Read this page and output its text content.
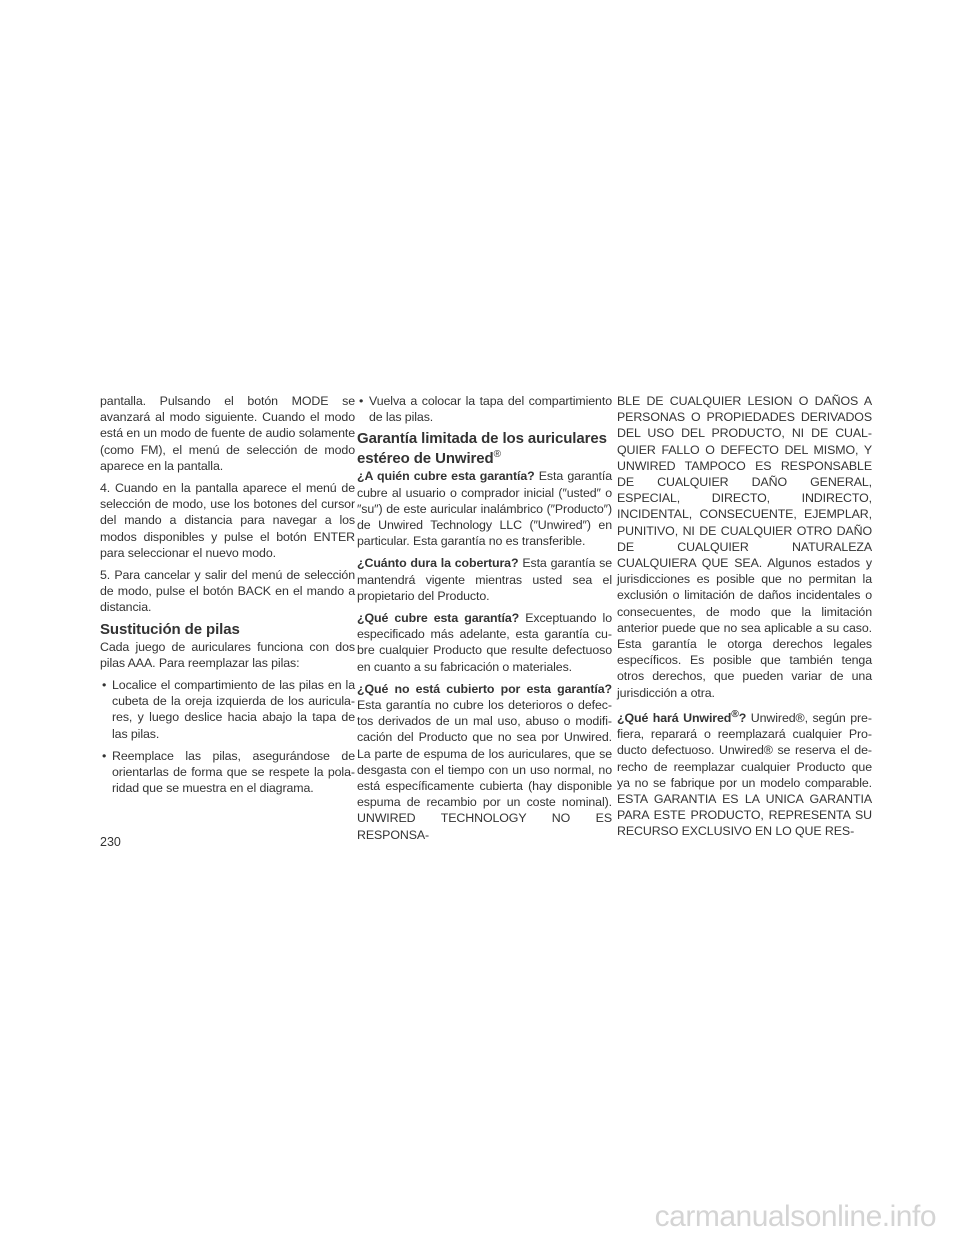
pantalla. Pulsando el botón MODE se avanzará al modo siguiente. Cuando el modo está en un modo de fuente de audio solamente (como FM), el menú de selección de modo aparece en la pantalla.

4. Cuando en la pantalla aparece el menú de selección de modo, use los botones del cursor del mando a distancia para navegar a los modos disponibles y pulse el botón ENTER para seleccionar el nuevo modo.

5. Para cancelar y salir del menú de selección de modo, pulse el botón BACK en el mando a distancia.

Sustitución de pilas

Cada juego de auriculares funciona con dos pilas AAA. Para reemplazar las pilas:

• Localice el compartimiento de las pilas en la cubeta de la oreja izquierda de los auriculares, y luego deslice hacia abajo la tapa de las pilas.
• Reemplace las pilas, asegurándose de orientarlas de forma que se respete la polaridad que se muestra en el diagrama.
• Vuelva a colocar la tapa del compartimiento de las pilas.
Garantía limitada de los auriculares
estéreo de Unwired®

¿A quién cubre esta garantía? Esta garantía cubre al usuario o comprador inicial (″usted″ o ″su″) de este auricular inalámbrico (″Producto″) de Unwired Technology LLC (″Unwired″) en particular. Esta garantía no es transferible.

¿Cuánto dura la cobertura? Esta garantía se mantendrá vigente mientras usted sea el propietario del Producto.

¿Qué cubre esta garantía? Exceptuando lo especificado más adelante, esta garantía cubre cualquier Producto que resulte defectuoso en cuanto a su fabricación o materiales.

¿Qué no está cubierto por esta garantía? Esta garantía no cubre los deterioros o defectos derivados de un mal uso, abuso o modificación del Producto que no sea por Unwired. La parte de espuma de los auriculares, que se desgasta con el tiempo con un uso normal, no está específicamente cubierta (hay disponible espuma de recambio por un coste nominal). UNWIRED TECHNOLOGY NO ES RESPONSA-

BLE DE CUALQUIER LESION O DAÑOS A PERSONAS O PROPIEDADES DERIVADOS DEL USO DEL PRODUCTO, NI DE CUALQUIER FALLO O DEFECTO DEL MISMO, Y UNWIRED TAMPOCO ES RESPONSABLE DE CUALQUIER DAÑO GENERAL, ESPECIAL, DIRECTO, INDIRECTO, INCIDENTAL, CONSECUENTE, EJEMPLAR, PUNITIVO, NI DE CUALQUIER OTRO DAÑO DE CUALQUIER NATURALEZA CUALQUIERA QUE SEA. Algunos estados y jurisdicciones es posible que no permitan la exclusión o limitación de daños incidentales o consecuentes, de modo que la limitación anterior puede que no sea aplicable a su caso. Esta garantía le otorga derechos legales específicos. Es posible que también tenga otros derechos, que pueden variar de una jurisdicción a otra.

¿Qué hará Unwired®? Unwired®, según prefiera, reparará o reemplazará cualquier Producto defectuoso. Unwired® se reserva el derecho de reemplazar cualquier Producto que ya no se fabrique por un modelo comparable. ESTA GARANTIA ES LA UNICA GARANTIA PARA ESTE PRODUCTO, REPRESENTA SU RECURSO EXCLUSIVO EN LO QUE RES-

230
carmanualsonline.info
